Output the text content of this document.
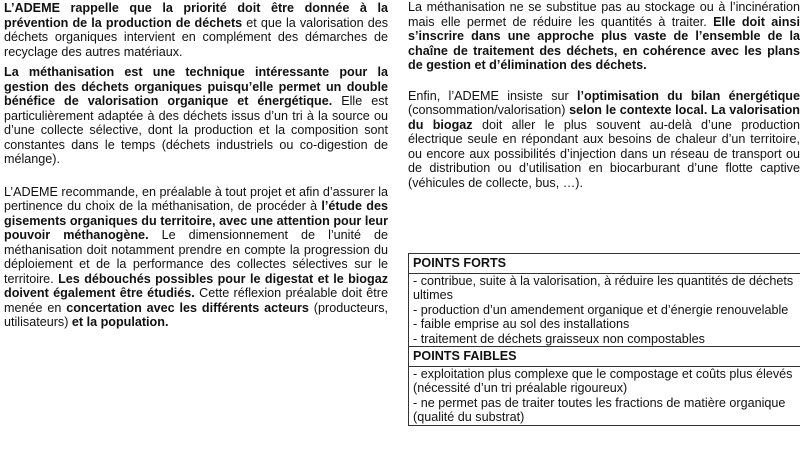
L’ADEME rappelle que la priorité doit être donnée à la prévention de la production de déchets et que la valorisation des déchets organiques intervient en complément des démarches de recyclage des autres matériaux.

La méthanisation est une technique intéressante pour la gestion des déchets organiques puisqu’elle permet un double bénéfice de valorisation organique et énergétique. Elle est particulièrement adaptée à des déchets issus d’un tri à la source ou d’une collecte sélective, dont la production et la composition sont constantes dans le temps (déchets industriels ou co-digestion de mélange).

L’ADEME recommande, en préalable à tout projet et afin d’assurer la pertinence du choix de la méthanisation, de procéder à l’étude des gisements organiques du territoire, avec une attention pour leur pouvoir méthanogène. Le dimensionnement de l’unité de méthanisation doit notamment prendre en compte la progression du déploiement et de la performance des collectes sélectives sur le territoire. Les débouchés possibles pour le digestat et le biogaz doivent également être étudiés. Cette réflexion préalable doit être menée en concertation avec les différents acteurs (producteurs, utilisateurs) et la population.

La méthanisation ne se substitue pas au stockage ou à l’incinération mais elle permet de réduire les quantités à traiter. Elle doit ainsi s’inscrire dans une approche plus vaste de l’ensemble de la chaîne de traitement des déchets, en cohérence avec les plans de gestion et d’élimination des déchets.

Enfin, l’ADEME insiste sur l’optimisation du bilan énergétique (consommation/valorisation) selon le contexte local. La valorisation du biogaz doit aller le plus souvent au-delà d’une production électrique seule en répondant aux besoins de chaleur d’un territoire, ou encore aux possibilités d’injection dans un réseau de transport ou de distribution ou d’utilisation en biocarburant d’une flotte captive (véhicules de collecte, bus, …).

POINTS FORTS

- contribue, suite à la valorisation, à réduire les quantités de déchets ultimes
- production d’un amendement organique et d’énergie renouvelable
- faible emprise au sol des installations
- traitement de déchets graisseux non compostables

POINTS FAIBLES

- exploitation plus complexe que le compostage et coûts plus élevés (nécessité d’un tri préalable rigoureux)
- ne permet pas de traiter toutes les fractions de matière organique (qualité du substrat)
